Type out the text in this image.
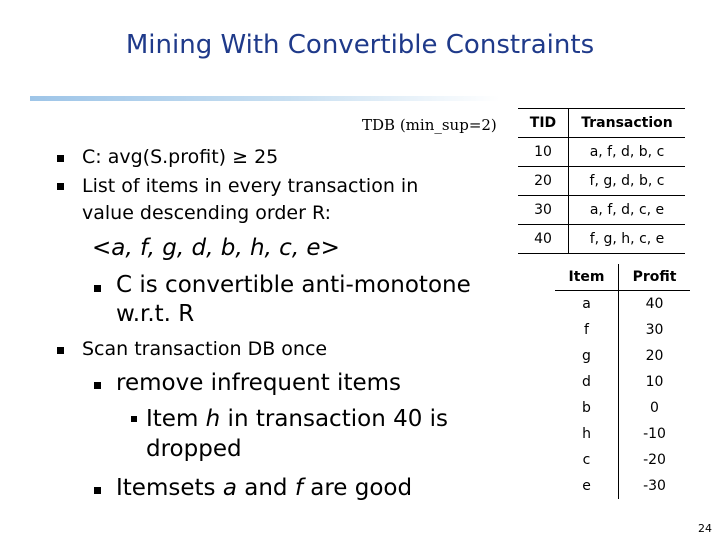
Mining With Convertible Constraints
TDB (min_sup=2)
C: avg(S.profit) ≥ 25
List of items in every transaction in
value descending order R:
<a, f, g, d, b, h, c, e>
C is convertible anti-monotone
w.r.t. R
Scan transaction DB once
remove infrequent items
Item h in transaction 40 is
dropped
Itemsets a and f are good
TID	Transaction
10	a, f, d, b, c
20	f, g, d, b, c
30	a, f, d, c, e
40	f, g, h, c, e
Item	Profit
a	40
f	30
g	20
d	10
b	0
h	-10
c	-20
e	-30
24
